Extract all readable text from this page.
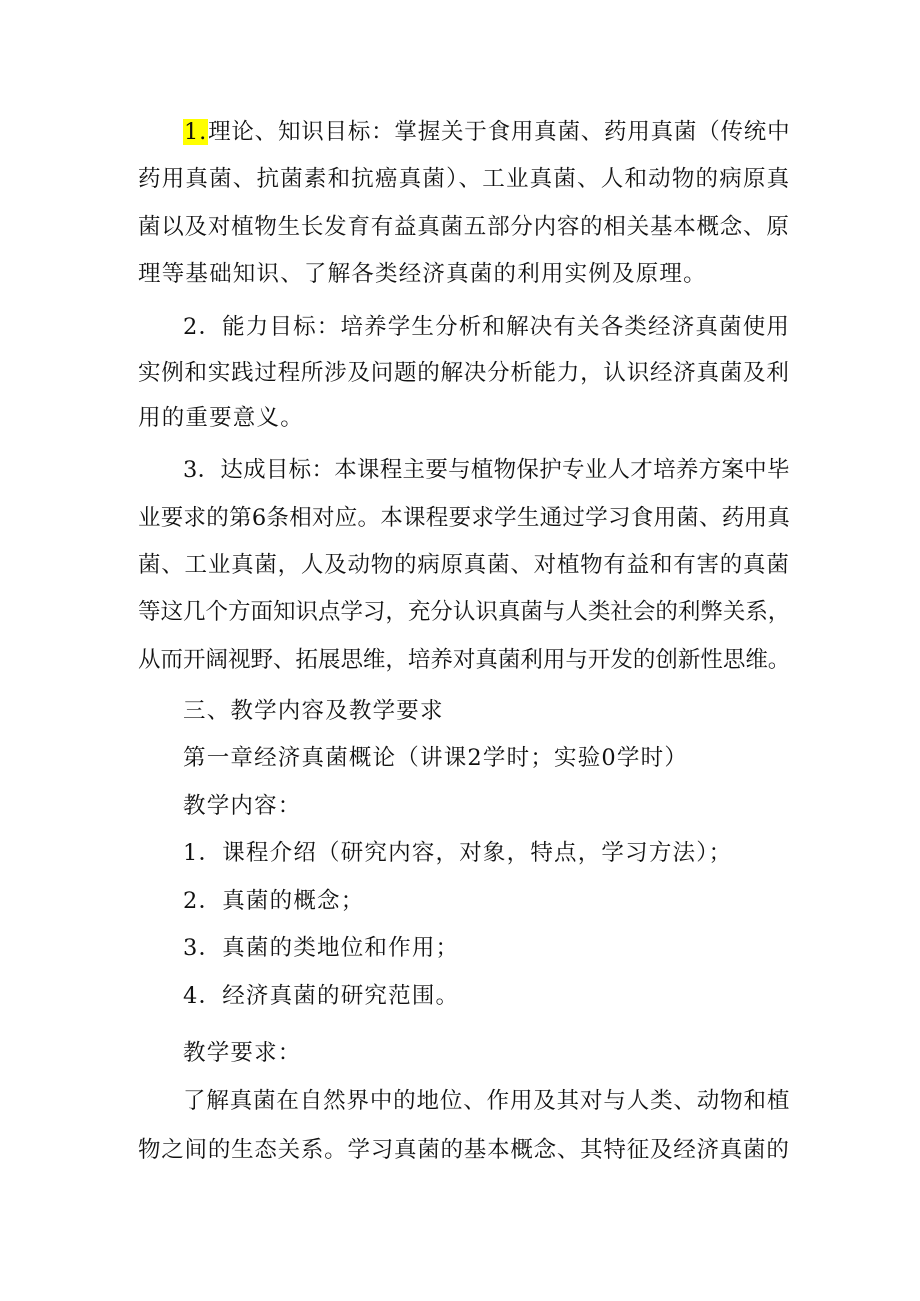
1.理论、知识目标：掌握关于食用真菌、药用真菌（传统中
药用真菌、抗菌素和抗癌真菌）、工业真菌、人和动物的病原真
菌以及对植物生长发育有益真菌五部分内容的相关基本概念、原
理等基础知识、了解各类经济真菌的利用实例及原理。
2．能力目标：培养学生分析和解决有关各类经济真菌使用
实例和实践过程所涉及问题的解决分析能力，认识经济真菌及利
用的重要意义。
3．达成目标：本课程主要与植物保护专业人才培养方案中毕
业要求的第6条相对应。本课程要求学生通过学习食用菌、药用真
菌、工业真菌，人及动物的病原真菌、对植物有益和有害的真菌
等这几个方面知识点学习，充分认识真菌与人类社会的利弊关系，
从而开阔视野、拓展思维，培养对真菌利用与开发的创新性思维。
三、教学内容及教学要求
第一章经济真菌概论（讲课2学时；实验0学时）
教学内容：
1．课程介绍（研究内容，对象，特点，学习方法）；
2．真菌的概念；
3．真菌的类地位和作用；
4．经济真菌的研究范围。
教学要求：
了解真菌在自然界中的地位、作用及其对与人类、动物和植
物之间的生态关系。学习真菌的基本概念、其特征及经济真菌的
